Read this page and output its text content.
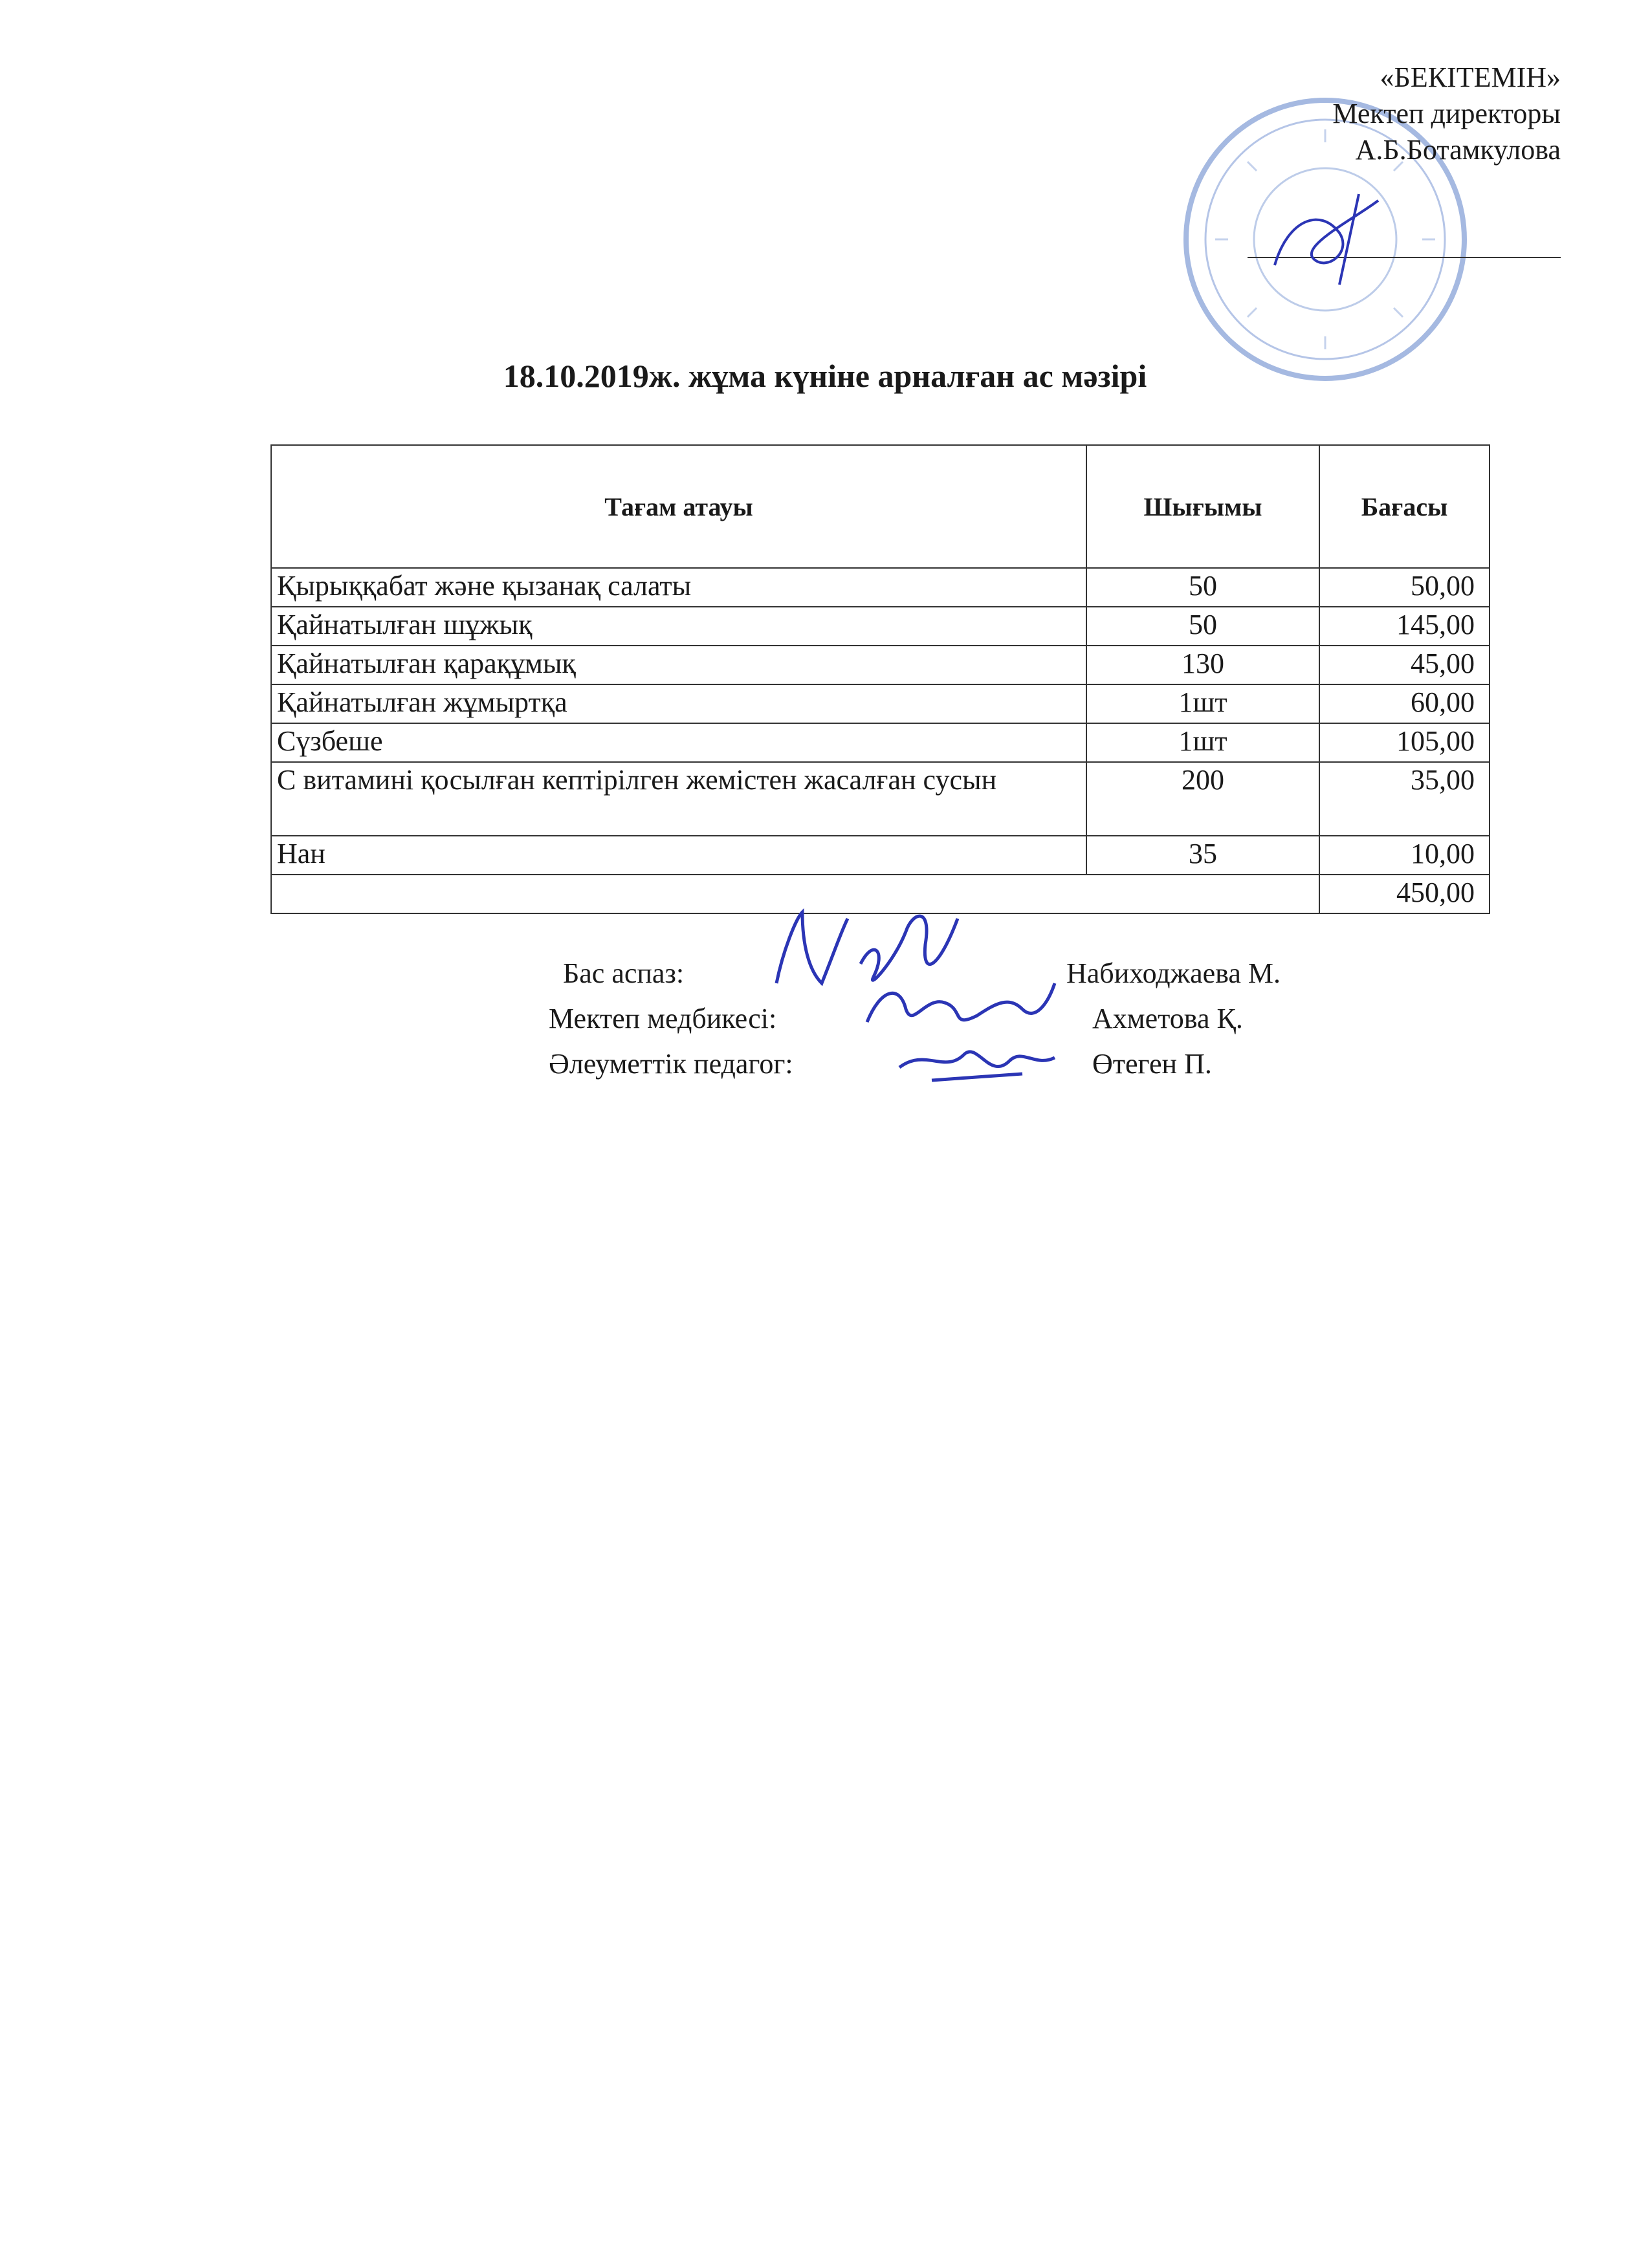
«БЕКІТЕМІН»
Мектеп директоры
А.Б.Ботамкулова
18.10.2019ж. жұма күніне арналған ас мәзірі
Тағам атауы	Шығымы	Бағасы
Қырыққабат және қызанақ салаты	50	50,00
Қайнатылған шұжық	50	145,00
Қайнатылған қарақұмық	130	45,00
Қайнатылған жұмыртқа	1шт	60,00
Сүзбеше	1шт	105,00
С витамині қосылған кептірілген жемістен жасалған сусын	200	35,00
Нан	35	10,00
		450,00
Бас аспаз:	Набиходжаева М.
Мектеп медбикесі:	Ахметова Қ.
Әлеуметтік педагог:	Өтеген П.
